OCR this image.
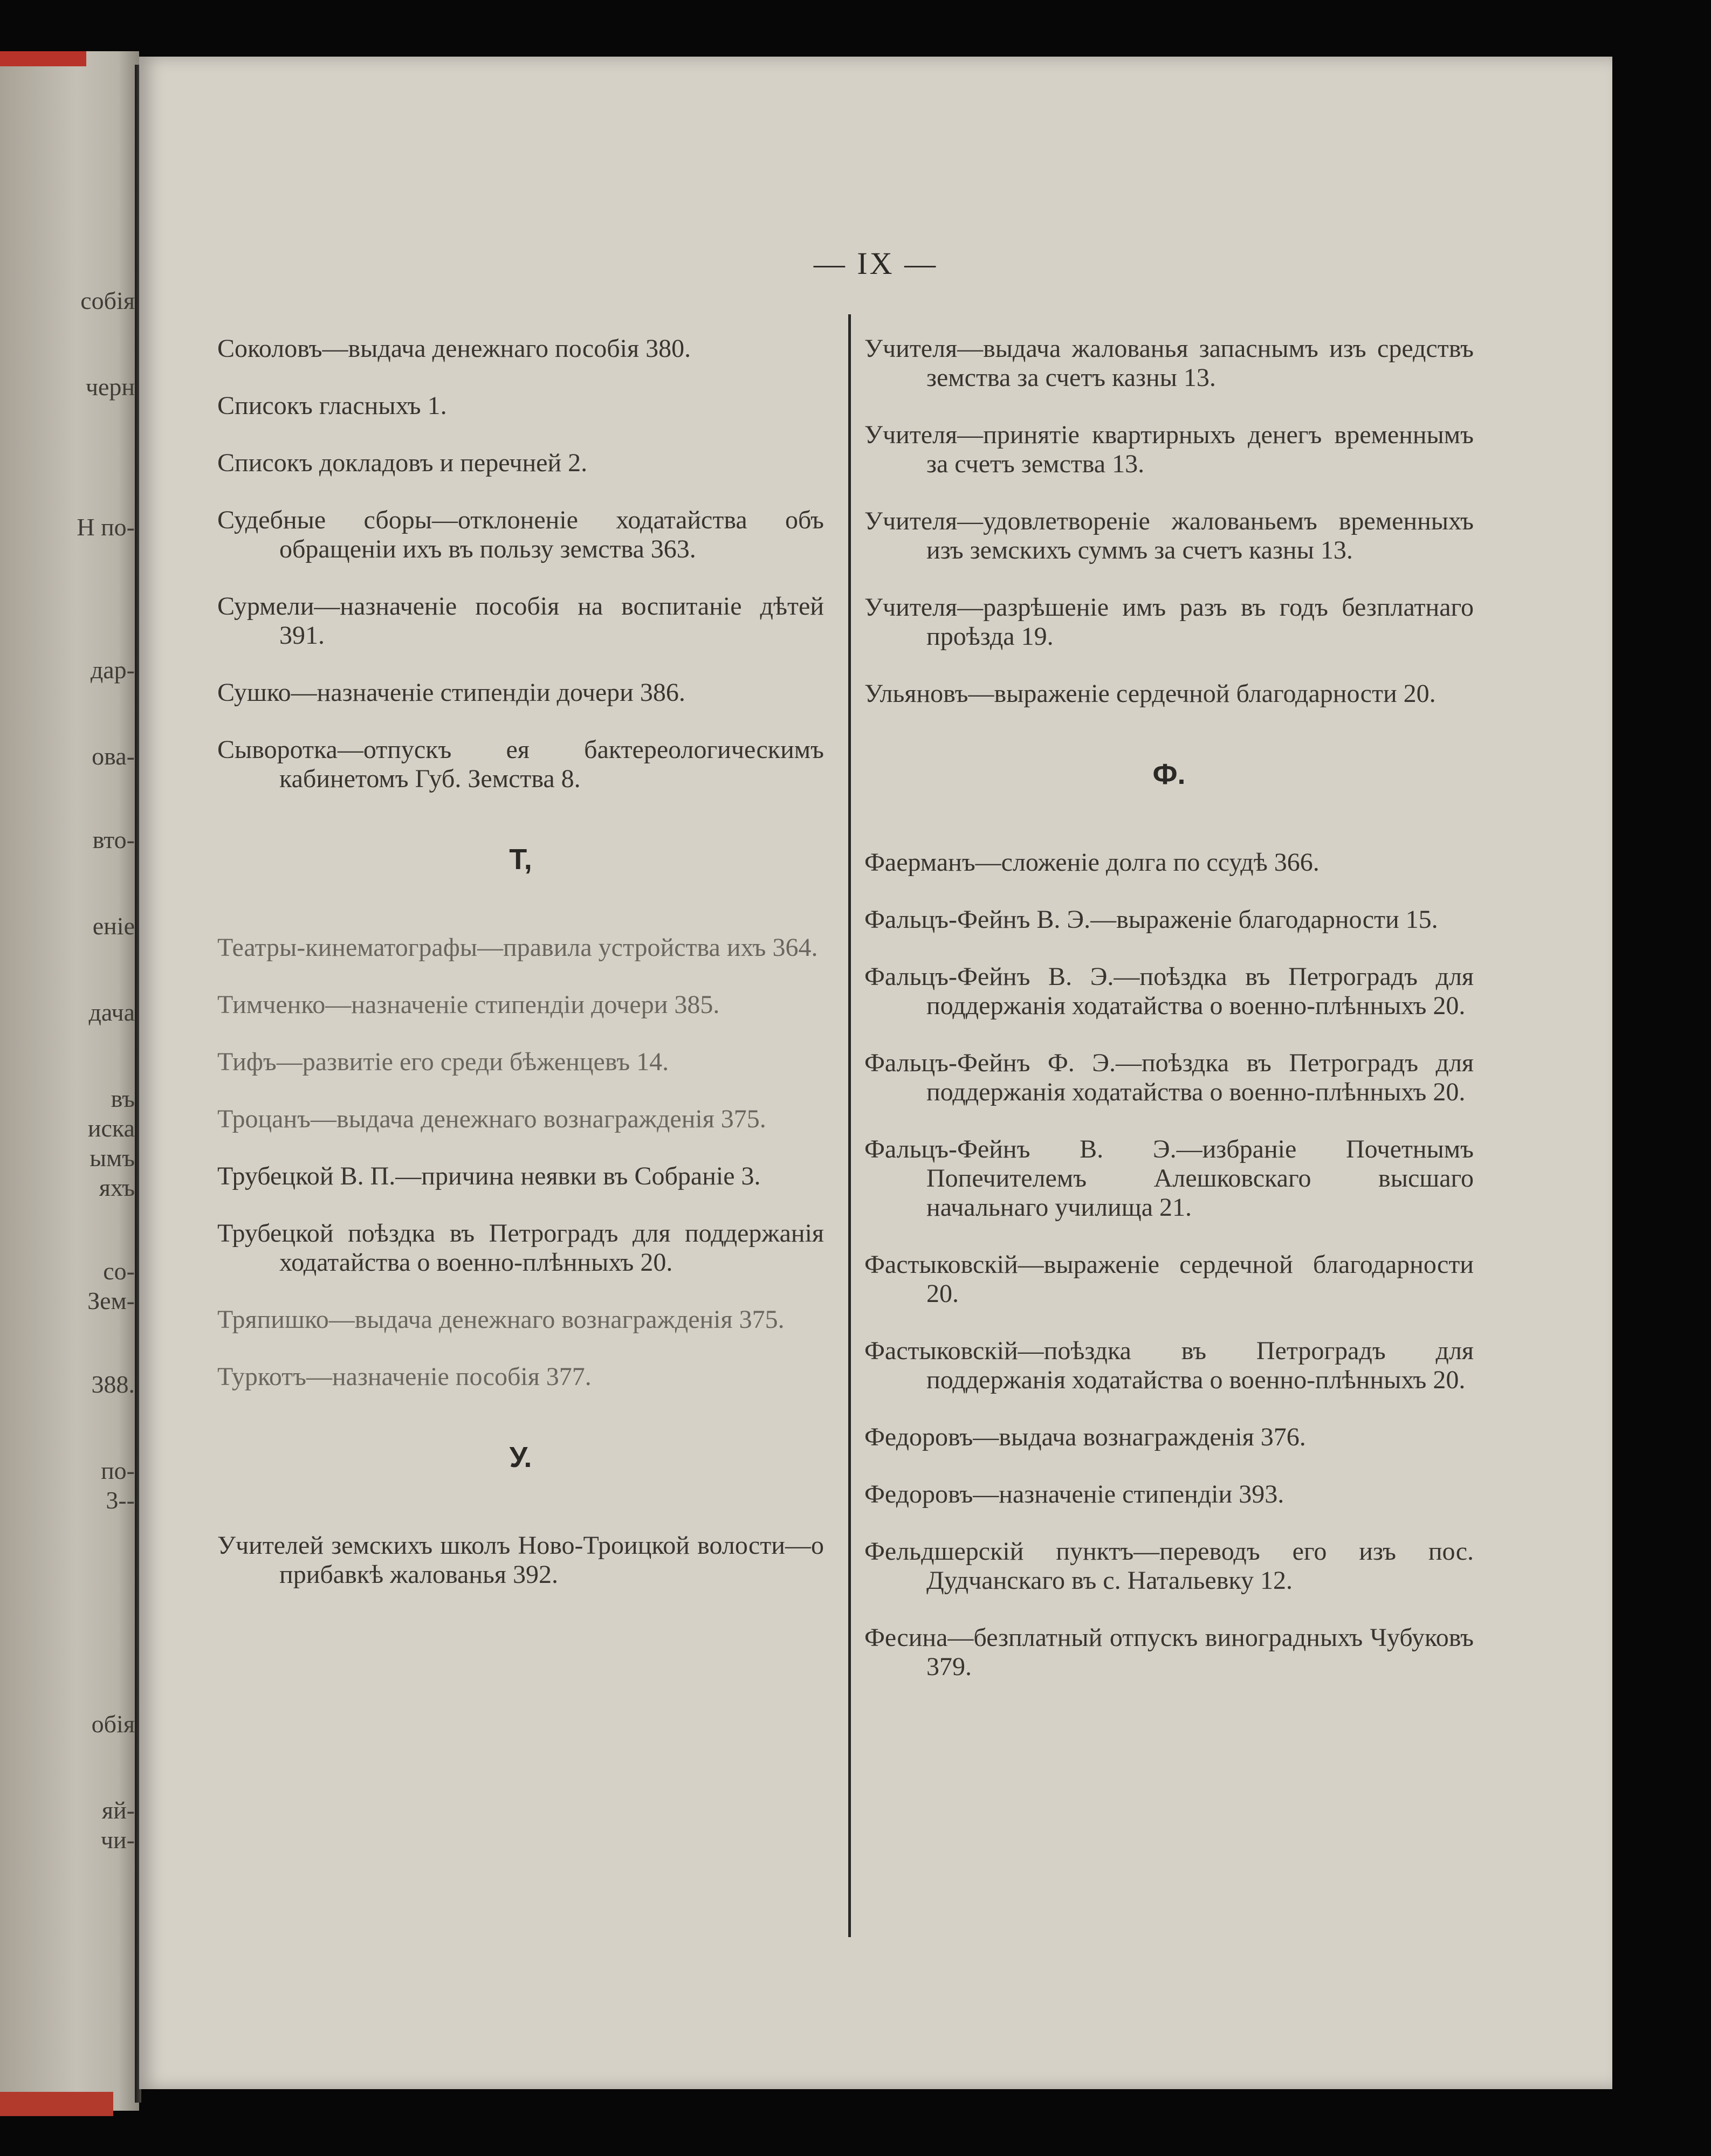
собія
черн
Н по-
дар-
ова-
вто-
еніе
дача
въ
иска
ымъ
яхъ
со-
Зем-
388.
по-
3--
обія
яй-
чи-
— IX —

Соколовъ—выдача денежнаго пособія 380.

Списокъ гласныхъ 1.

Списокъ докладовъ и перечней 2.

Судебные сборы—отклоненіе ходатайства объ обращеніи ихъ въ пользу земства 363.

Сурмели—назначеніе пособія на воспитаніе дѣтей 391.

Сушко—назначеніе стипендіи дочери 386.

Сыворотка—отпускъ ея бактереологическимъ кабинетомъ Губ. Земства 8.

Т,

Театры-кинематографы—правила устройства ихъ 364.

Тимченко—назначеніе стипендіи дочери 385.

Тифъ—развитіе его среди бѣженцевъ 14.

Троцанъ—выдача денежнаго вознагражденія 375.

Трубецкой В. П.—причина неявки въ Собраніе 3.

Трубецкой поѣздка въ Петроградъ для поддержанія ходатайства о военно-плѣнныхъ 20.

Тряпишко—выдача денежнаго вознагражденія 375.

Туркотъ—назначеніе пособія 377.

У.

Учителей земскихъ школъ Ново-Троицкой волости—о прибавкѣ жалованья 392.

Учителя—выдача жалованья запаснымъ изъ средствъ земства за счетъ казны 13.

Учителя—принятіе квартирныхъ денегъ временнымъ за счетъ земства 13.

Учителя—удовлетвореніе жалованьемъ временныхъ изъ земскихъ суммъ за счетъ казны 13.

Учителя—разрѣшеніе имъ разъ въ годъ безплатнаго проѣзда 19.

Ульяновъ—выраженіе сердечной благодарности 20.

Ф.

Фаерманъ—сложеніе долга по ссудѣ 366.

Фальцъ-Фейнъ В. Э.—выраженіе благодарности 15.

Фальцъ-Фейнъ В. Э.—поѣздка въ Петроградъ для поддержанія ходатайства о военно-плѣнныхъ 20.

Фальцъ-Фейнъ Ф. Э.—поѣздка въ Петроградъ для поддержанія ходатайства о военно-плѣнныхъ 20.

Фальцъ-Фейнъ В. Э.—избраніе Почетнымъ Попечителемъ Алешковскаго высшаго начальнаго училища 21.

Фастыковскій—выраженіе сердечной благодарности 20.

Фастыковскій—поѣздка въ Петроградъ для поддержанія ходатайства о военно-плѣнныхъ 20.

Федоровъ—выдача вознагражденія 376.

Федоровъ—назначеніе стипендіи 393.

Фельдшерскій пунктъ—переводъ его изъ пос. Дудчанскаго въ с. Натальевку 12.

Фесина—безплатный отпускъ виноградныхъ Чубуковъ 379.
